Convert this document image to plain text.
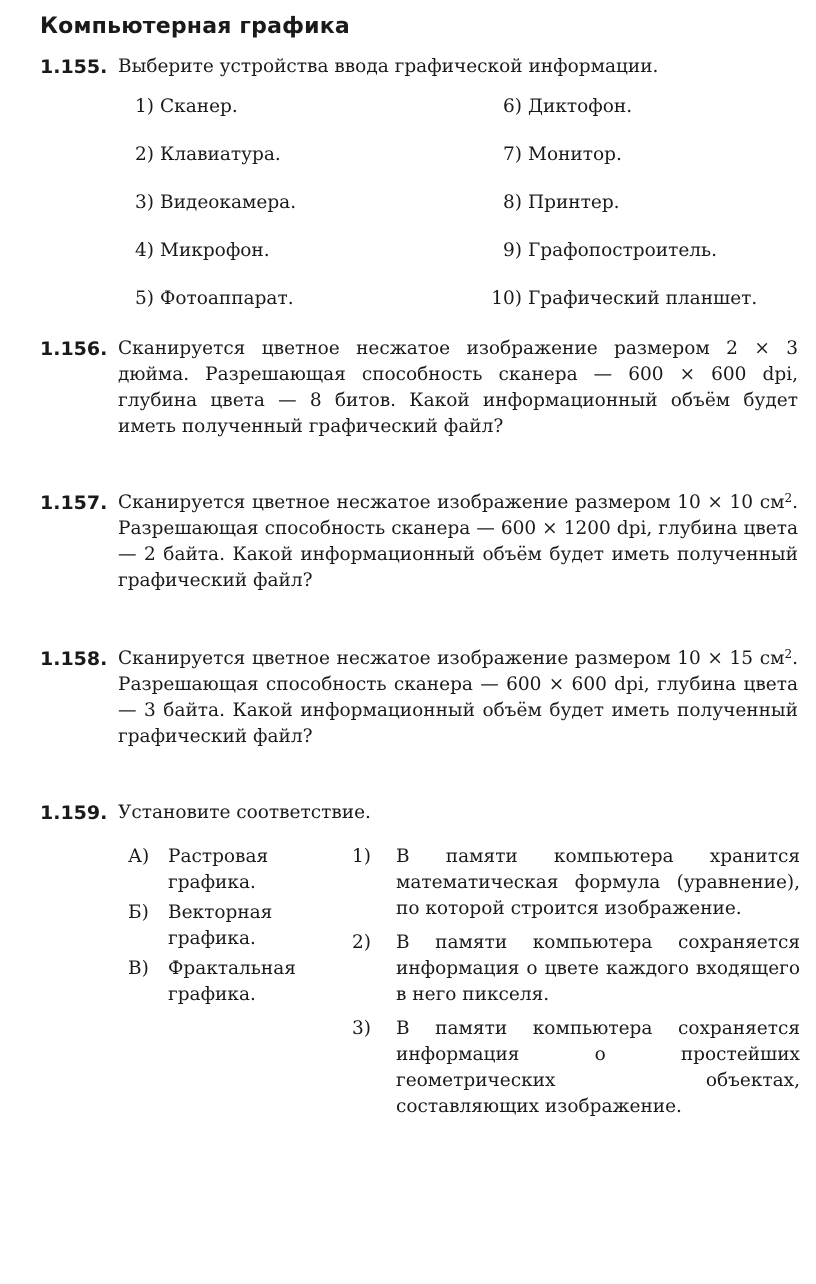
Компьютерная графика
1.155. Выберите устройства ввода графической информации.

1) Сканер.
2) Клавиатура.
3) Видеокамера.
4) Микрофон.
5) Фотоаппарат.
6) Диктофон.
7) Монитор.
8) Принтер.
9) Графопостроитель.
10) Графический планшет.
1.156. Сканируется цветное несжатое изображение размером 2 × 3 дюйма. Разрешающая способность сканера — 600 × 600 dpi, глубина цвета — 8 битов. Какой информационный объём будет иметь полученный графический файл?

1.157. Сканируется цветное несжатое изображение размером 10 × 10 $см^2$. Разрешающая способность сканера — 600 × 1200 dpi, глубина цвета — 2 байта. Какой информационный объём будет иметь полученный графический файл?

1.158. Сканируется цветное несжатое изображение размером 10 × 15 $см^2$. Разрешающая способность сканера — 600 × 600 dpi, глубина цвета — 3 байта. Какой информационный объём будет иметь полученный графический файл?

1.159. Установите соответствие.

А)	Растровая графика.
Б)	Векторная графика.
В)	Фрактальная графика.
1)	В памяти компьютера хранится математическая формула (уравнение), по которой строится изображение.
2)	В памяти компьютера сохраняется информация о цвете каждого входящего в него пикселя.
3)	В памяти компьютера сохраняется информация о простейших геометрических объектах, составляющих изображение.
